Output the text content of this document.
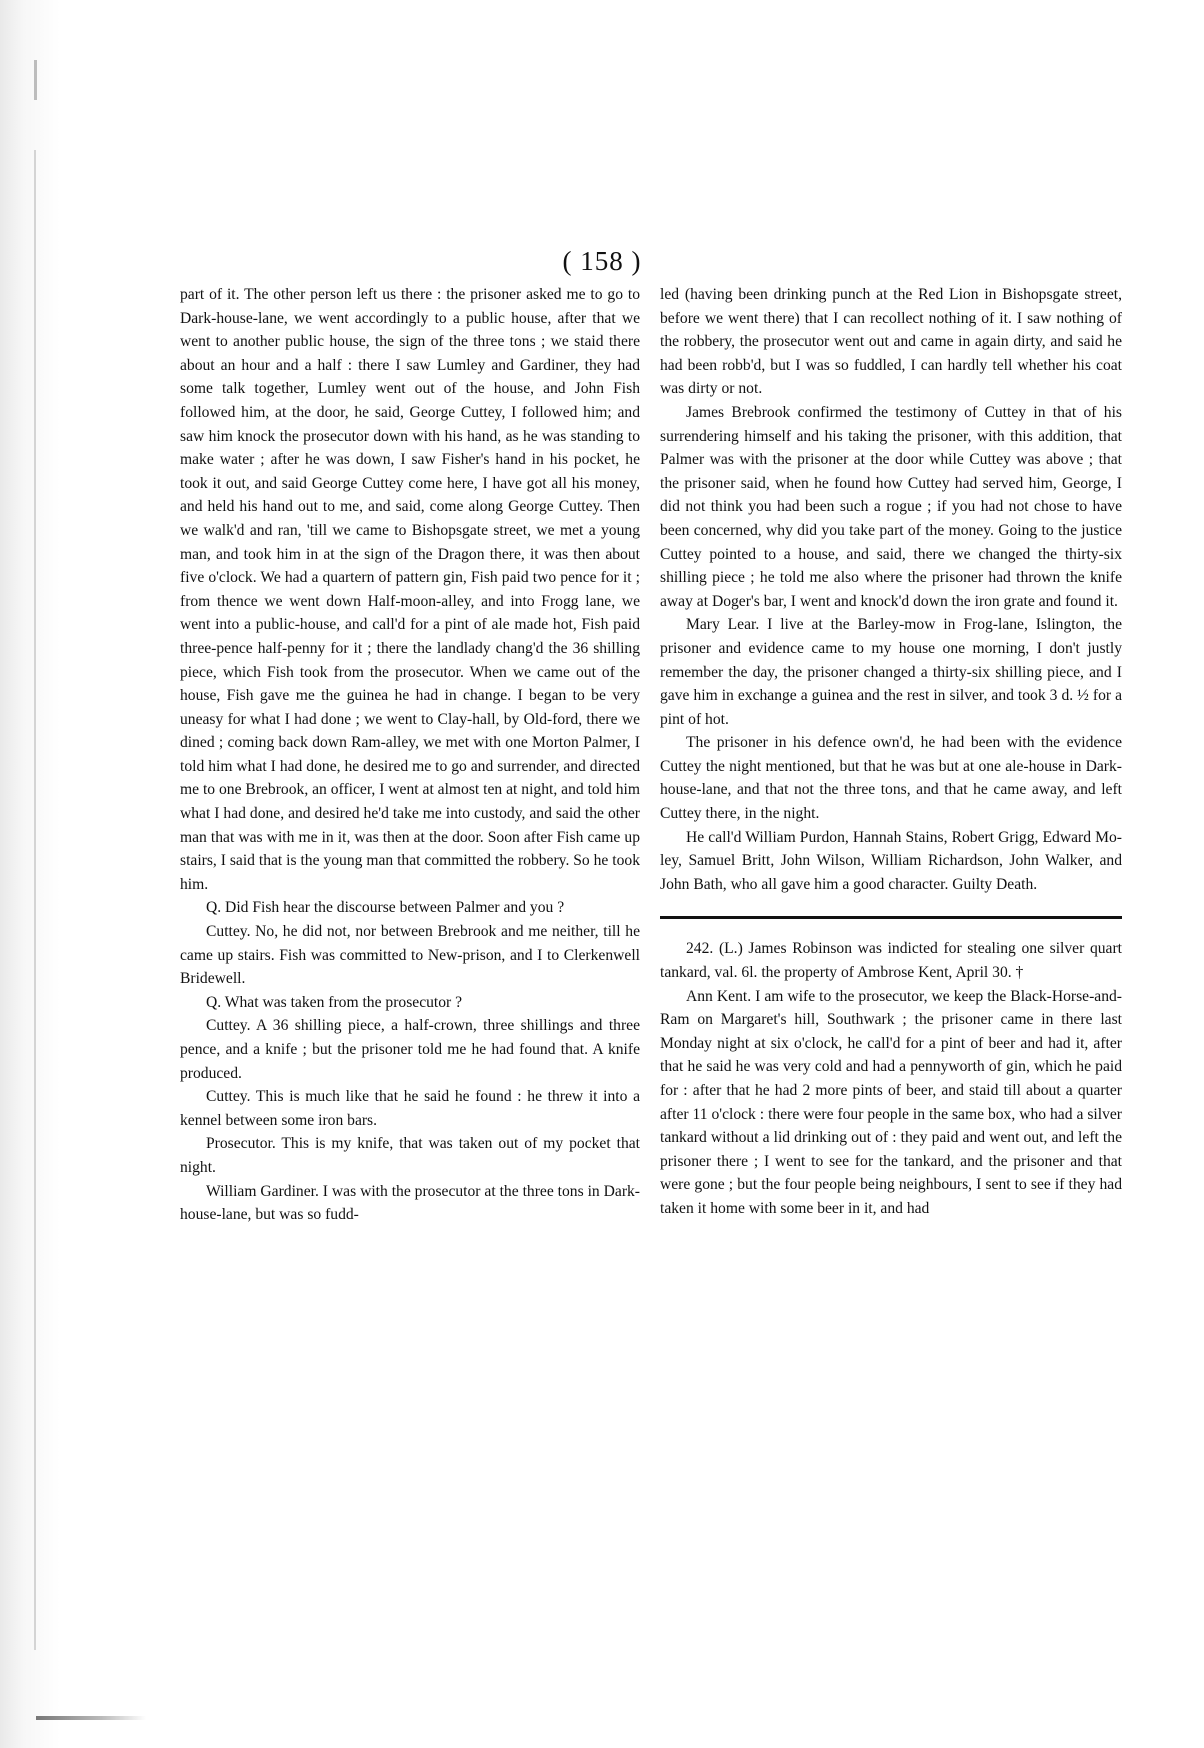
( 158 )

part of it. The other person left us there : the prisoner asked me to go to Dark-house-lane, we went accordingly to a public house, after that we went to another public house, the sign of the three tons ; we staid there about an hour and a half : there I saw Lumley and Gardiner, they had some talk together, Lumley went out of the house, and John Fish followed him, at the door, he said, George Cuttey, I followed him; and saw him knock the prosecutor down with his hand, as he was standing to make water ; after he was down, I saw Fisher's hand in his pocket, he took it out, and said George Cuttey come here, I have got all his money, and held his hand out to me, and said, come along George Cuttey. Then we walk'd and ran, 'till we came to Bishopsgate street, we met a young man, and took him in at the sign of the Dragon there, it was then about five o'clock. We had a quartern of pattern gin, Fish paid two pence for it ; from thence we went down Half-moon-alley, and into Frogg lane, we went into a public-house, and call'd for a pint of ale made hot, Fish paid three-pence half-penny for it ; there the landlady chang'd the 36 shilling piece, which Fish took from the prosecutor. When we came out of the house, Fish gave me the guinea he had in change. I began to be very uneasy for what I had done ; we went to Clay-hall, by Old-ford, there we dined ; coming back down Ram-alley, we met with one Morton Palmer, I told him what I had done, he desired me to go and surrender, and directed me to one Brebrook, an officer, I went at almost ten at night, and told him what I had done, and desired he'd take me into custody, and said the other man that was with me in it, was then at the door. Soon after Fish came up stairs, I said that is the young man that committed the robbery. So he took him.

Q. Did Fish hear the discourse between Palmer and you ?

Cuttey. No, he did not, nor between Brebrook and me neither, till he came up stairs. Fish was committed to New-prison, and I to Clerkenwell Bridewell.

Q. What was taken from the prosecutor ?

Cuttey. A 36 shilling piece, a half-crown, three shillings and three pence, and a knife ; but the prisoner told me he had found that. A knife produced.

Cuttey. This is much like that he said he found : he threw it into a kennel between some iron bars.

Prosecutor. This is my knife, that was taken out of my pocket that night.

William Gardiner. I was with the prosecutor at the three tons in Dark-house-lane, but was so fudd-

led (having been drinking punch at the Red Lion in Bishopsgate street, before we went there) that I can recollect nothing of it. I saw nothing of the robbery, the prosecutor went out and came in again dirty, and said he had been robb'd, but I was so fuddled, I can hardly tell whether his coat was dirty or not.

James Brebrook confirmed the testimony of Cuttey in that of his surrendering himself and his taking the prisoner, with this addition, that Palmer was with the prisoner at the door while Cuttey was above ; that the prisoner said, when he found how Cuttey had served him, George, I did not think you had been such a rogue ; if you had not chose to have been concerned, why did you take part of the money. Going to the justice Cuttey pointed to a house, and said, there we changed the thirty-six shilling piece ; he told me also where the prisoner had thrown the knife away at Doger's bar, I went and knock'd down the iron grate and found it.

Mary Lear. I live at the Barley-mow in Frog-lane, Islington, the prisoner and evidence came to my house one morning, I don't justly remember the day, the prisoner changed a thirty-six shilling piece, and I gave him in exchange a guinea and the rest in silver, and took 3 d. ½ for a pint of hot.

The prisoner in his defence own'd, he had been with the evidence Cuttey the night mentioned, but that he was but at one ale-house in Dark-house-lane, and that not the three tons, and that he came away, and left Cuttey there, in the night.

He call'd William Purdon, Hannah Stains, Robert Grigg, Edward Mo-ley, Samuel Britt, John Wilson, William Richardson, John Walker, and John Bath, who all gave him a good character. Guilty Death.

242. (L.) James Robinson was indicted for stealing one silver quart tankard, val. 6l. the property of Ambrose Kent, April 30. †

Ann Kent. I am wife to the prosecutor, we keep the Black-Horse-and-Ram on Margaret's hill, Southwark ; the prisoner came in there last Monday night at six o'clock, he call'd for a pint of beer and had it, after that he said he was very cold and had a pennyworth of gin, which he paid for : after that he had 2 more pints of beer, and staid till about a quarter after 11 o'clock : there were four people in the same box, who had a silver tankard without a lid drinking out of : they paid and went out, and left the prisoner there ; I went to see for the tankard, and the prisoner and that were gone ; but the four people being neighbours, I sent to see if they had taken it home with some beer in it, and had
